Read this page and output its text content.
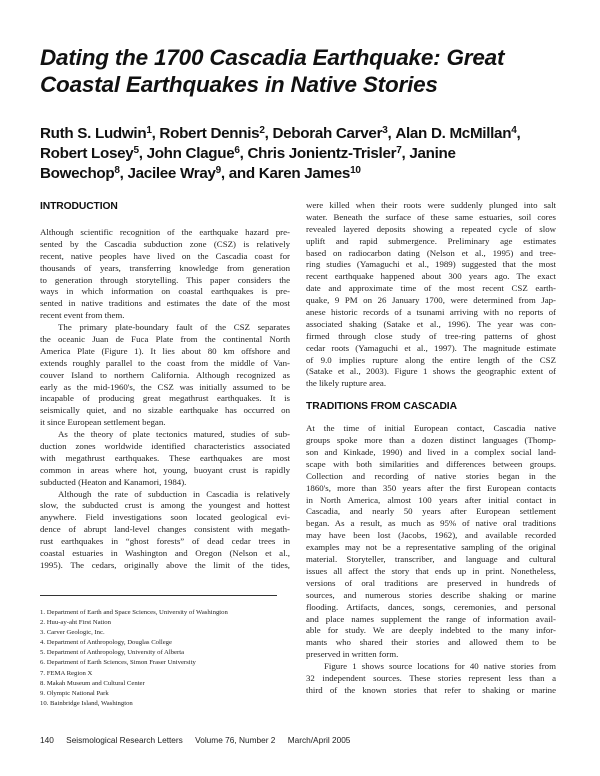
Dating the 1700 Cascadia Earthquake: Great
Coastal Earthquakes in Native Stories
Ruth S. Ludwin$^1$, Robert Dennis$^2$, Deborah Carver$^3$, Alan D. McMillan$^4$,
Robert Losey$^5$, John Clague$^6$, Chris Jonientz-Trisler$^7$, Janine
Bowechop$^8$, Jacilee Wray$^9$, and Karen James$^{10}$
INTRODUCTION
Although scientific recognition of the earthquake hazard pre-
sented by the Cascadia subduction zone (CSZ) is relatively
recent, native peoples have lived on the Cascadia coast for
thousands of years, transferring knowledge from generation
to generation through storytelling. This paper considers the
ways in which information on coastal earthquakes is pre-
sented in native traditions and estimates the date of the most
recent event from them.
The primary plate-boundary fault of the CSZ separates
the oceanic Juan de Fuca Plate from the continental North
America Plate (Figure 1). It lies about 80 km offshore and
extends roughly parallel to the coast from the middle of Van-
couver Island to northern California. Although recognized as
early as the mid-1960's, the CSZ was initially assumed to be
incapable of producing great megathrust earthquakes. It is
seismically quiet, and no sizable earthquake has occurred on
it since European settlement began.
As the theory of plate tectonics matured, studies of sub-
duction zones worldwide identified characteristics associated
with megathrust earthquakes. These earthquakes are most
common in areas where hot, young, buoyant crust is rapidly
subducted (Heaton and Kanamori, 1984).
Although the rate of subduction in Cascadia is relatively
slow, the subducted crust is among the youngest and hottest
anywhere. Field investigations soon located geological evi-
dence of abrupt land-level changes consistent with megath-
rust earthquakes in “ghost forests” of dead cedar trees in
coastal estuaries in Washington and Oregon (Nelson et al.,
1995). The cedars, originally above the limit of the tides,
1. Department of Earth and Space Sciences, University of Washington
2. Huu-ay-aht First Nation
3. Carver Geologic, Inc.
4. Department of Anthropology, Douglas College
5. Department of Anthropology, University of Alberta
6. Department of Earth Sciences, Simon Fraser University
7. FEMA Region X
8. Makah Museum and Cultural Center
9. Olympic National Park
10. Bainbridge Island, Washington
were killed when their roots were suddenly plunged into salt
water. Beneath the surface of these same estuaries, soil cores
revealed layered deposits showing a repeated cycle of slow
uplift and rapid submergence. Preliminary age estimates
based on radiocarbon dating (Nelson et al., 1995) and tree-
ring studies (Yamaguchi et al., 1989) suggested that the most
recent earthquake happened about 300 years ago. The exact
date and approximate time of the most recent CSZ earth-
quake, 9 PM on 26 January 1700, were determined from Jap-
anese historic records of a tsunami arriving with no reports of
associated shaking (Satake et al., 1996). The year was con-
firmed through close study of tree-ring patterns of ghost
cedar roots (Yamaguchi et al., 1997). The magnitude estimate
of 9.0 implies rupture along the entire length of the CSZ
(Satake et al., 2003). Figure 1 shows the geographic extent of
the likely rupture area.
TRADITIONS FROM CASCADIA
At the time of initial European contact, Cascadia native
groups spoke more than a dozen distinct languages (Thomp-
son and Kinkade, 1990) and lived in a complex social land-
scape with both similarities and differences between groups.
Collection and recording of native stories began in the
1860's, more than 350 years after the first European contacts
in North America, almost 100 years after initial contact in
Cascadia, and nearly 50 years after European settlement
began. As a result, as much as 95% of native oral traditions
may have been lost (Jacobs, 1962), and available recorded
examples may not be a representative sampling of the original
material. Storyteller, transcriber, and language and cultural
issues all affect the story that ends up in print. Nonetheless,
versions of oral traditions are preserved in hundreds of
sources, and numerous stories describe shaking or marine
flooding. Artifacts, dances, songs, ceremonies, and personal
and place names supplement the range of information avail-
able for study. We are deeply indebted to the many infor-
mants who shared their stories and allowed them to be
preserved in written form.
Figure 1 shows source locations for 40 native stories from
32 independent sources. These stories represent less than a
third of the known stories that refer to shaking or marine
140 Seismological Research Letters Volume 76, Number 2 March/April 2005
